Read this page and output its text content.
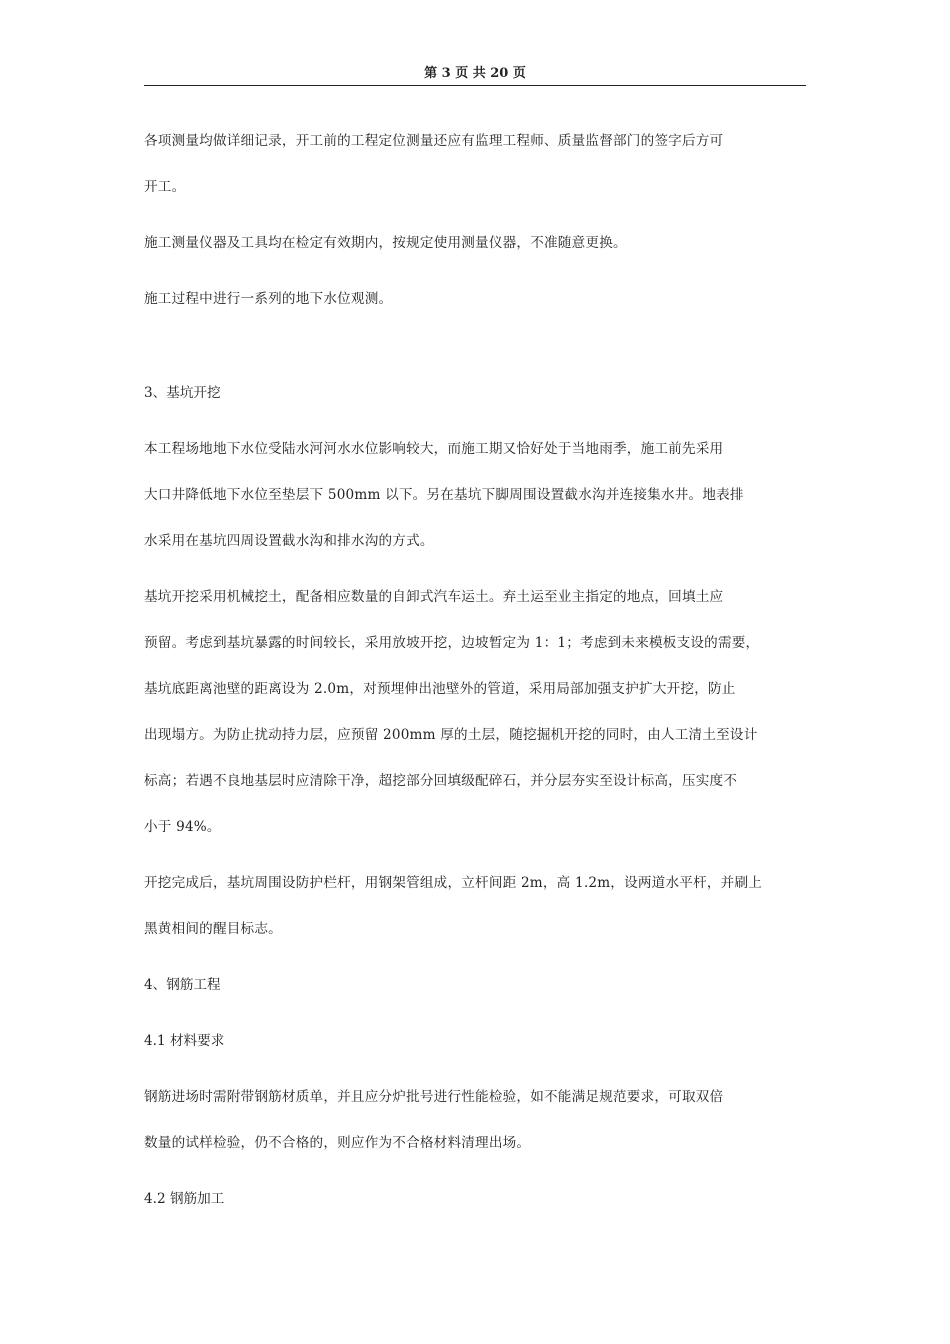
第 3 页 共 20 页
各项测量均做详细记录，开工前的工程定位测量还应有监理工程师、质量监督部门的签字后方可
开工。
施工测量仪器及工具均在检定有效期内，按规定使用测量仪器，不准随意更换。
施工过程中进行一系列的地下水位观测。
3、基坑开挖
本工程场地地下水位受陆水河河水水位影响较大，而施工期又恰好处于当地雨季，施工前先采用
大口井降低地下水位至垫层下 500mm 以下。另在基坑下脚周围设置截水沟并连接集水井。地表排
水采用在基坑四周设置截水沟和排水沟的方式。
基坑开挖采用机械挖土，配备相应数量的自卸式汽车运土。弃土运至业主指定的地点，回填土应
预留。考虑到基坑暴露的时间较长，采用放坡开挖，边坡暂定为 1：1；考虑到未来模板支设的需要，
基坑底距离池壁的距离设为 2.0m，对预埋伸出池壁外的管道，采用局部加强支护扩大开挖，防止
出现塌方。为防止扰动持力层，应预留 200mm 厚的土层，随挖掘机开挖的同时，由人工清土至设计
标高；若遇不良地基层时应清除干净，超挖部分回填级配碎石，并分层夯实至设计标高，压实度不
小于 94%。
开挖完成后，基坑周围设防护栏杆，用钢架管组成，立杆间距 2m，高 1.2m，设两道水平杆，并刷上
黑黄相间的醒目标志。
4、钢筋工程
4.1 材料要求
钢筋进场时需附带钢筋材质单，并且应分炉批号进行性能检验，如不能满足规范要求，可取双倍
数量的试样检验，仍不合格的，则应作为不合格材料清理出场。
4.2 钢筋加工
